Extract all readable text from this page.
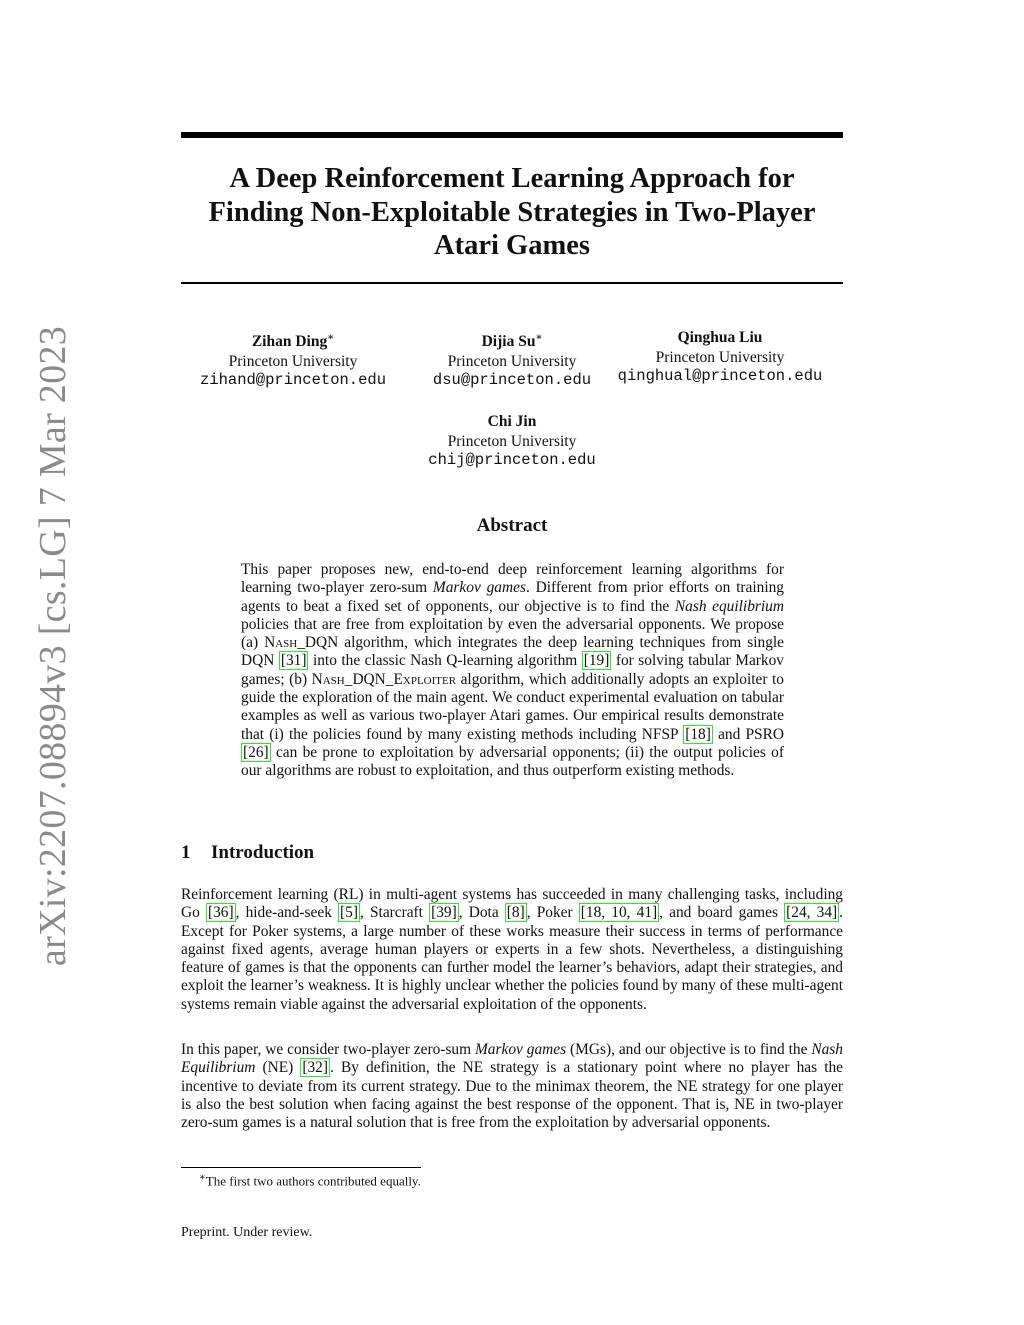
arXiv:2207.08894v3 [cs.LG] 7 Mar 2023
A Deep Reinforcement Learning Approach for
Finding Non-Exploitable Strategies in Two-Player
Atari Games
Zihan Ding∗
Princeton University
zihand@princeton.edu
Dijia Su∗
Princeton University
dsu@princeton.edu
Qinghua Liu
Princeton University
qinghual@princeton.edu
Chi Jin
Princeton University
chij@princeton.edu
Abstract
This paper proposes new, end-to-end deep reinforcement learning algorithms for learning two-player zero-sum Markov games. Different from prior efforts on training agents to beat a fixed set of opponents, our objective is to find the Nash equilibrium policies that are free from exploitation by even the adversarial opponents. We propose (a) Nash_DQN algorithm, which integrates the deep learning techniques from single DQN [31] into the classic Nash Q-learning algorithm [19] for solving tabular Markov games; (b) Nash_DQN_Exploiter algorithm, which additionally adopts an exploiter to guide the exploration of the main agent. We conduct experimental evaluation on tabular examples as well as various two-player Atari games. Our empirical results demonstrate that (i) the policies found by many existing methods including NFSP [18] and PSRO [26] can be prone to exploitation by adversarial opponents; (ii) the output policies of our algorithms are robust to exploitation, and thus outperform existing methods.
1 Introduction
Reinforcement learning (RL) in multi-agent systems has succeeded in many challenging tasks, including Go [36] , hide-and-seek [5] , Starcraft [39] , Dota [8] , Poker [18, 10, 41] , and board games [24, 34] . Except for Poker systems, a large number of these works measure their success in terms of performance against fixed agents, average human players or experts in a few shots. Nevertheless, a distinguishing feature of games is that the opponents can further model the learner’s behaviors, adapt their strategies, and exploit the learner’s weakness. It is highly unclear whether the policies found by many of these multi-agent systems remain viable against the adversarial exploitation of the opponents.
In this paper, we consider two-player zero-sum Markov games (MGs), and our objective is to find the Nash Equilibrium (NE) [32] . By definition, the NE strategy is a stationary point where no player has the incentive to deviate from its current strategy. Due to the minimax theorem, the NE strategy for one player is also the best solution when facing against the best response of the opponent. That is, NE in two-player zero-sum games is a natural solution that is free from the exploitation by adversarial opponents.
∗The first two authors contributed equally.
Preprint. Under review.
